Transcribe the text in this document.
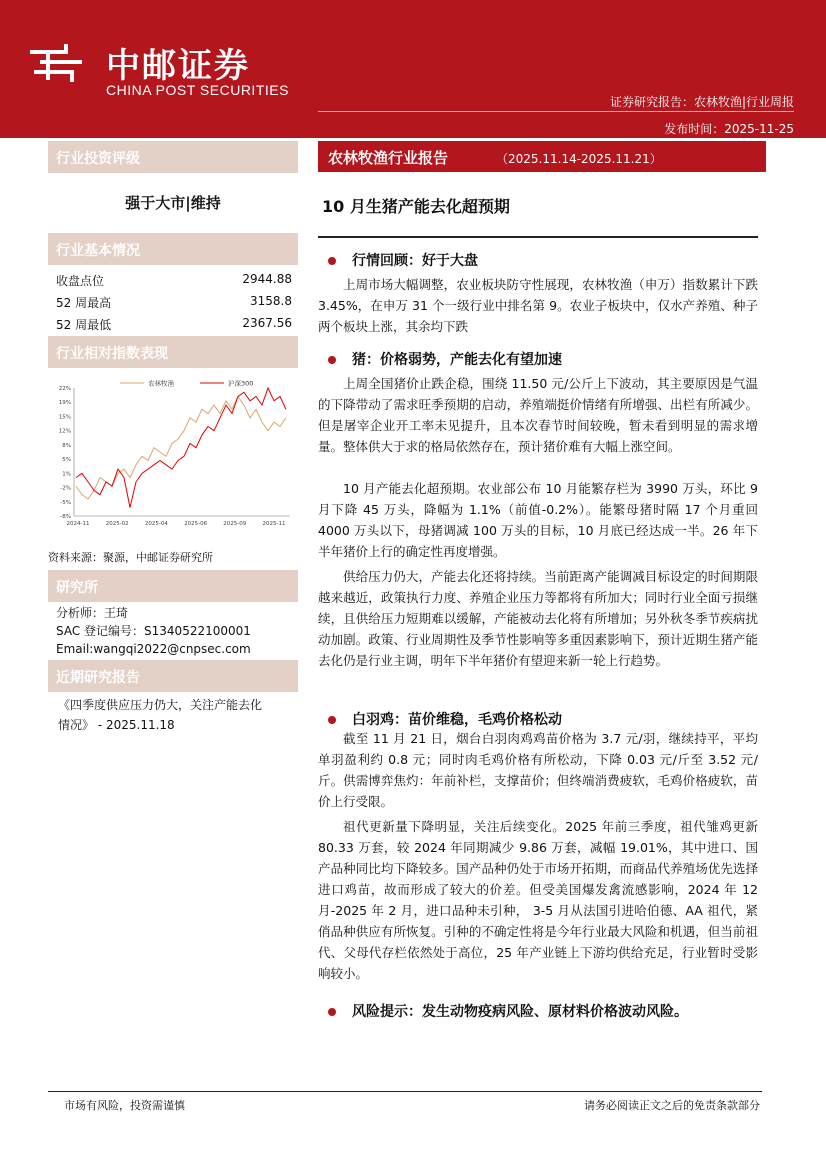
中邮证券
CHINA POST SECURITIES
证券研究报告：农林牧渔|行业周报
发布时间：2025-11-25
行业投资评级
强于大市|维持
行业基本情况
收盘点位	2944.88
52 周最高	3158.8
52 周最低	2367.56
行业相对指数表现
22%
19%
15%
12%
8%
5%
1%
-2%
-5%
-8%
2024-11	2025-02	2025-04	2025-06	2025-09	2025-11
农林牧渔	沪深300
资料来源：聚源，中邮证券研究所
研究所
分析师：王琦
SAC 登记编号：S1340522100001
Email:wangqi2022@cnpsec.com
近期研究报告
《四季度供应压力仍大，关注产能去化
情况》 - 2025.11.18
农林牧渔行业报告	（2025.11.14-2025.11.21）
10 月生猪产能去化超预期
行情回顾：好于大盘
上周市场大幅调整，农业板块防守性展现，农林牧渔（申万）指数累计下跌 3.45%，在申万 31 个一级行业中排名第 9。农业子板块中，仅水产养殖、种子两个板块上涨，其余均下跌
猪：价格弱势，产能去化有望加速
上周全国猪价止跌企稳，围绕 11.50 元/公斤上下波动，其主要原因是气温的下降带动了需求旺季预期的启动，养殖端挺价情绪有所增强、出栏有所减少。但是屠宰企业开工率未见提升，且本次春节时间较晚，暂未看到明显的需求增量。整体供大于求的格局依然存在，预计猪价难有大幅上涨空间。
10 月产能去化超预期。农业部公布 10 月能繁存栏为 3990 万头，环比 9 月下降 45 万头，降幅为 1.1%（前值-0.2%）。能繁母猪时隔 17 个月重回 4000 万头以下，母猪调减 100 万头的目标，10 月底已经达成一半。26 年下半年猪价上行的确定性再度增强。
供给压力仍大，产能去化还将持续。当前距离产能调减目标设定的时间期限越来越近，政策执行力度、养殖企业压力等都将有所加大；同时行业全面亏损继续，且供给压力短期难以缓解，产能被动去化将有所增加；另外秋冬季节疾病扰动加剧。政策、行业周期性及季节性影响等多重因素影响下，预计近期生猪产能去化仍是行业主调，明年下半年猪价有望迎来新一轮上行趋势。
白羽鸡：苗价维稳，毛鸡价格松动
截至 11 月 21 日，烟台白羽肉鸡鸡苗价格为 3.7 元/羽，继续持平，平均单羽盈利约 0.8 元；同时肉毛鸡价格有所松动，下降 0.03 元/斤至 3.52 元/斤。供需博弈焦灼：年前补栏，支撑苗价；但终端消费疲软，毛鸡价格疲软，苗价上行受限。
祖代更新量下降明显，关注后续变化。2025 年前三季度，祖代雏鸡更新 80.33 万套，较 2024 年同期减少 9.86 万套，减幅 19.01%，其中进口、国产品种同比均下降较多。国产品种仍处于市场开拓期，而商品代养殖场优先选择进口鸡苗，故而形成了较大的价差。但受美国爆发禽流感影响，2024 年 12 月-2025 年 2 月，进口品种未引种， 3-5 月从法国引进哈伯德、AA 祖代，紧俏品种供应有所恢复。引种的不确定性将是今年行业最大风险和机遇，但当前祖代、父母代存栏依然处于高位，25 年产业链上下游均供给充足，行业暂时受影响较小。
风险提示：发生动物疫病风险、原材料价格波动风险。
市场有风险，投资需谨慎	请务必阅读正文之后的免责条款部分
